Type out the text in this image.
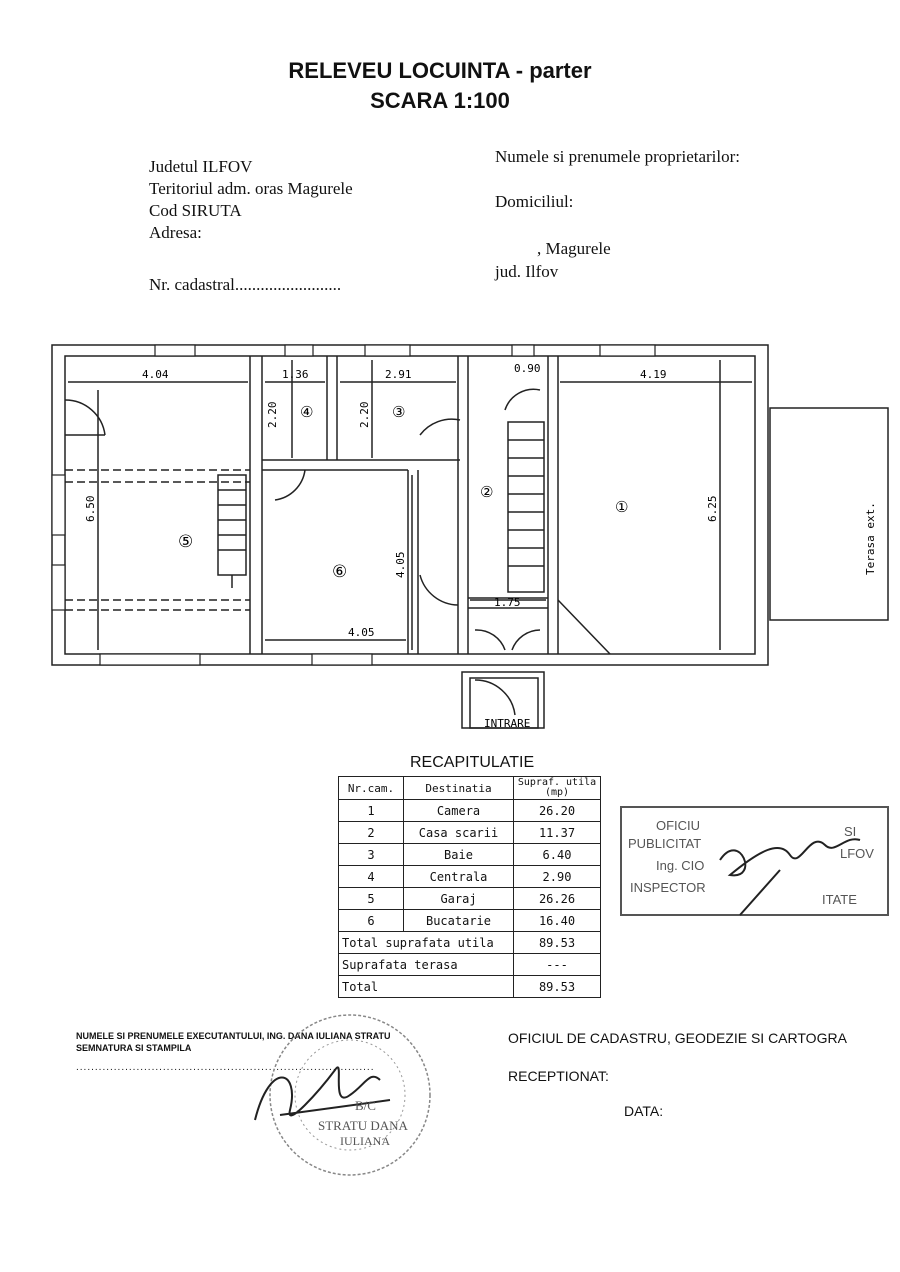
RELEVEU LOCUINTA - parter
SCARA 1:100
Judetul ILFOV
Teritoriul adm. oras Magurele
Cod SIRUTA
Adresa:
Nr. cadastral.........................
Numele si prenumele proprietarilor:
Domiciliul:
, Magurele
jud. Ilfov
4.04	1.36	2.91	0.90	4.19
2.20	2.20
6.50	6.25
4.05
4.05
1.75
①
②
③
④
⑤
⑥	Terasa ext.
INTRARE
RECAPITULATIE
Nr.cam.	Destinatia	Supraf. utila (mp)
1	Camera	26.20
2	Casa scarii	11.37
3	Baie	6.40
4	Centrala	2.90
5	Garaj	26.26
6	Bucatarie	16.40
Total suprafata utila		89.53
Suprafata terasa		---
Total		89.53
OFICIU
PUBLICITAT
Ing. CIO
INSPECTOR
SI
LFOV
ITATE
NUMELE SI PRENUMELE EXECUTANTULUI, ING. DANA IULIANA STRATU
SEMNATURA SI STAMPILA
...............................................................................
OFICIUL DE CADASTRU, GEODEZIE SI CARTOGRA
RECEPTIONAT:
DATA:
STRATU DANA
IULIANA
B/C
